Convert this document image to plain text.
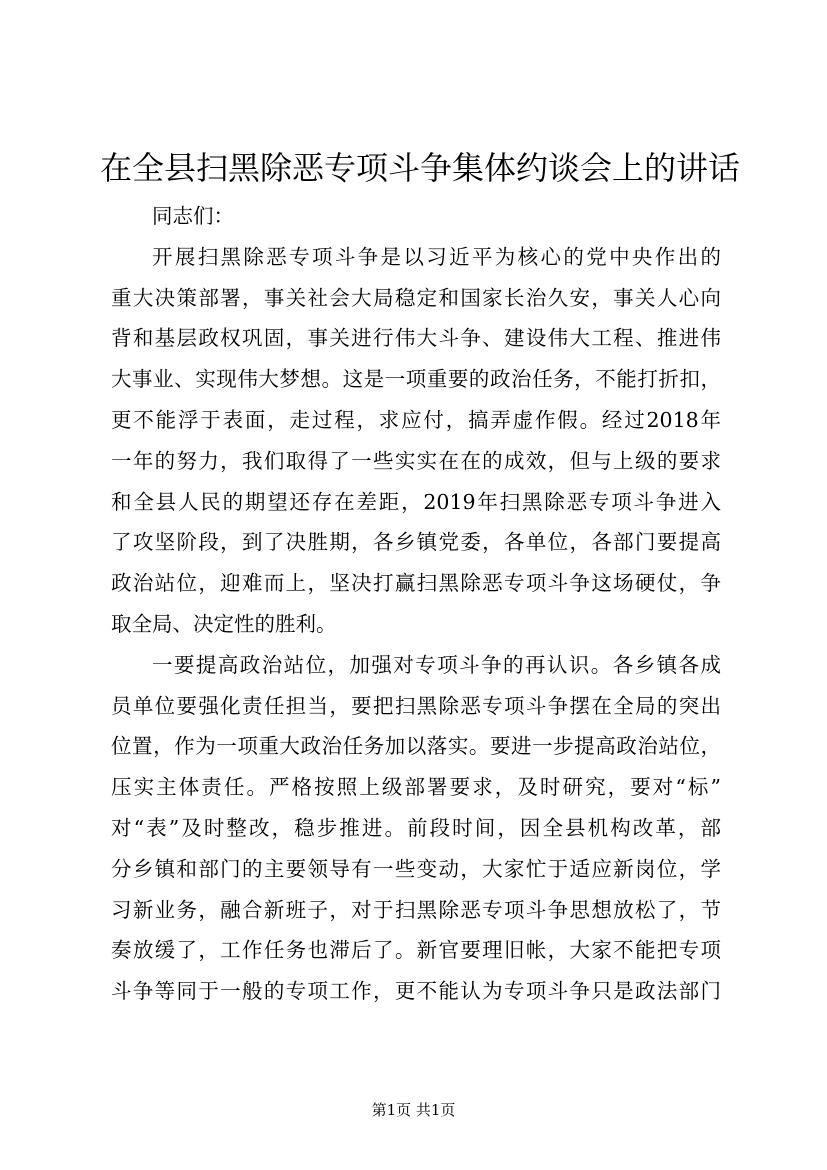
在全县扫黑除恶专项斗争集体约谈会上的讲话
同志们：
开展扫黑除恶专项斗争是以习近平为核心的党中央作出的
重大决策部署，事关社会大局稳定和国家长治久安，事关人心向
背和基层政权巩固，事关进行伟大斗争、建设伟大工程、推进伟
大事业、实现伟大梦想。这是一项重要的政治任务，不能打折扣，
更不能浮于表面，走过程，求应付，搞弄虚作假。经过2018年
一年的努力，我们取得了一些实实在在的成效，但与上级的要求
和全县人民的期望还存在差距，2019年扫黑除恶专项斗争进入
了攻坚阶段，到了决胜期，各乡镇党委，各单位，各部门要提高
政治站位，迎难而上，坚决打赢扫黑除恶专项斗争这场硬仗，争
取全局、决定性的胜利。
一要提高政治站位，加强对专项斗争的再认识。各乡镇各成
员单位要强化责任担当，要把扫黑除恶专项斗争摆在全局的突出
位置，作为一项重大政治任务加以落实。要进一步提高政治站位，
压实主体责任。严格按照上级部署要求，及时研究，要对“标”
对“表”及时整改，稳步推进。前段时间，因全县机构改革，部
分乡镇和部门的主要领导有一些变动，大家忙于适应新岗位，学
习新业务，融合新班子，对于扫黑除恶专项斗争思想放松了，节
奏放缓了，工作任务也滞后了。新官要理旧帐，大家不能把专项
斗争等同于一般的专项工作，更不能认为专项斗争只是政法部门
第1页 共1页
